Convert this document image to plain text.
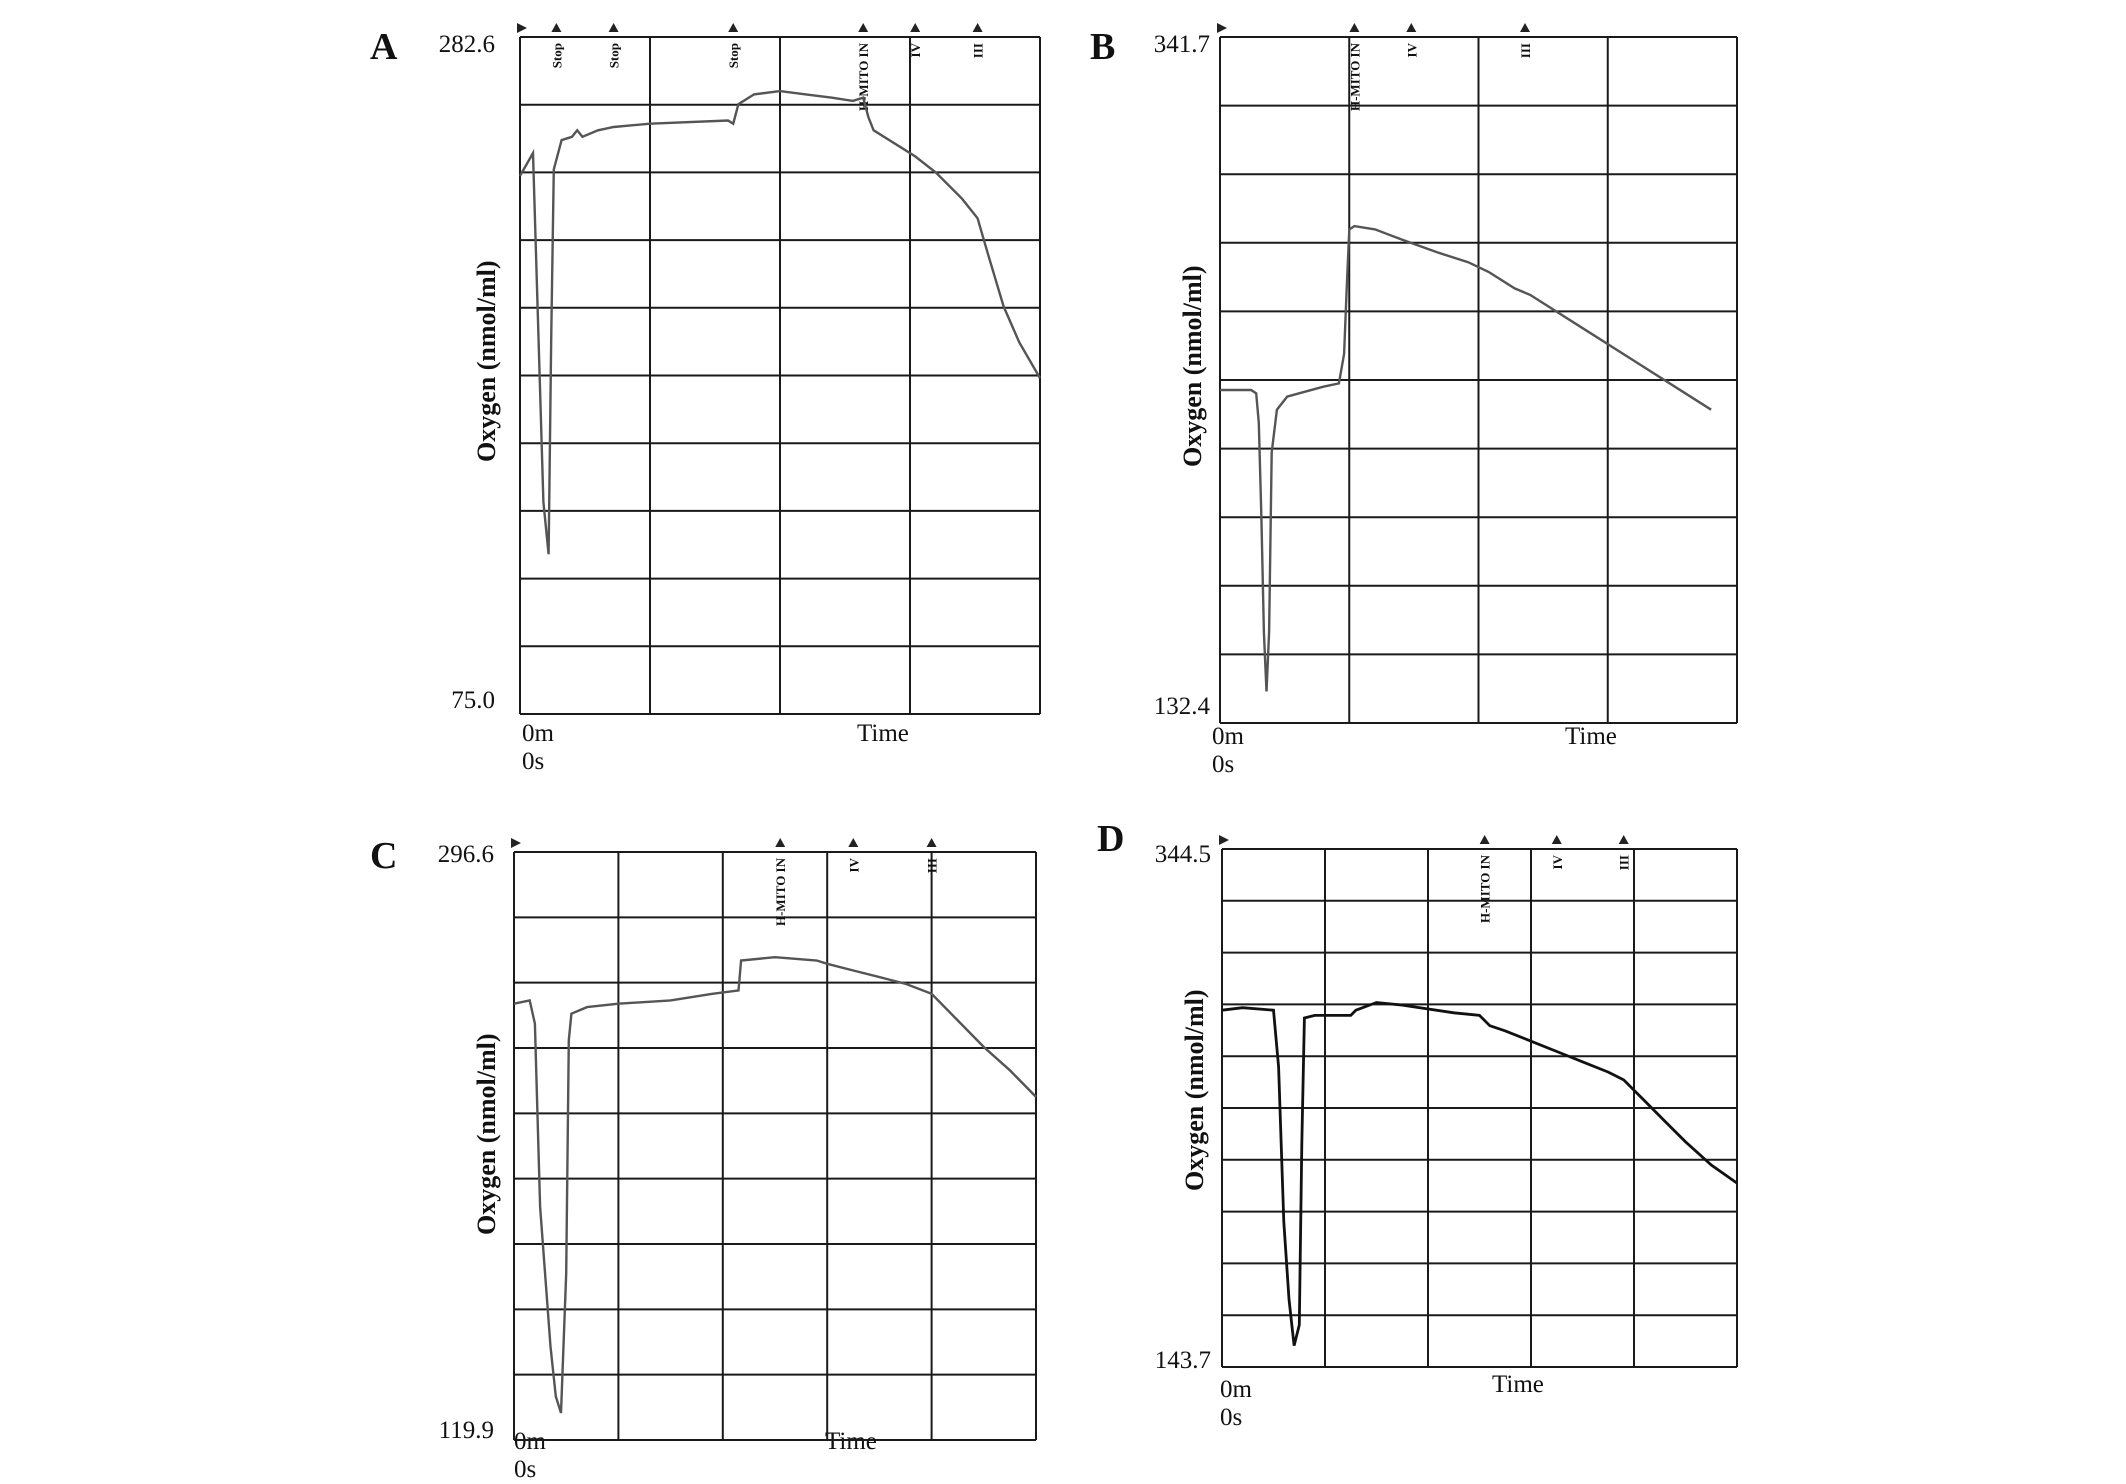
A	282.6
75.0
Oxygen (nmol/ml)
0m 0s
Time
Stop	Stop	Stop	H-MITO IN	IV	III	B	341.7
132.4
Oxygen (nmol/ml)
0m 0s
Time
H-MITO IN	IV	III
C	296.6
119.9
Oxygen (nmol/ml)
0m 0s
Time
H-MITO IN	IV	III
D	344.5
143.7
Oxygen (nmol/ml)
0m 0s
Time
H-MITO IN	IV	III
